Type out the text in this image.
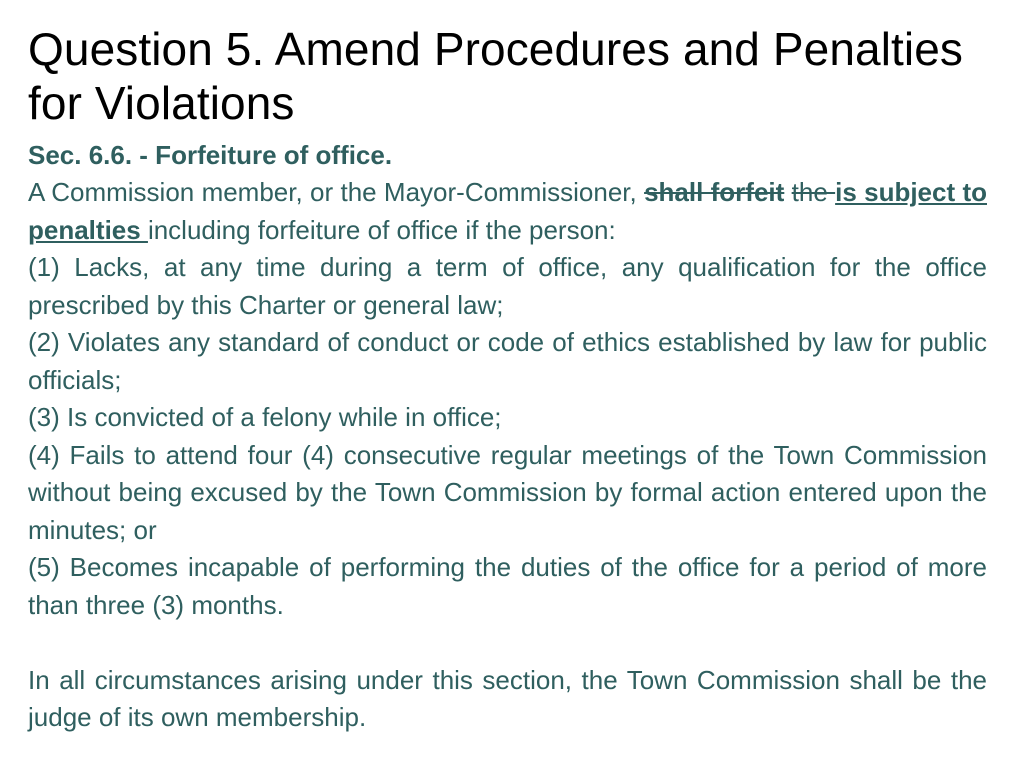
Question 5. Amend Procedures and Penalties for Violations

Sec. 6.6. - Forfeiture of office.

A Commission member, or the Mayor-Commissioner, shall forfeit the is subject to penalties including forfeiture of office if the person:

(1) Lacks, at any time during a term of office, any qualification for the office prescribed by this Charter or general law;

(2) Violates any standard of conduct or code of ethics established by law for public officials;

(3) Is convicted of a felony while in office;

(4) Fails to attend four (4) consecutive regular meetings of the Town Commission without being excused by the Town Commission by formal action entered upon the minutes; or

(5) Becomes incapable of performing the duties of the office for a period of more than three (3) months.

In all circumstances arising under this section, the Town Commission shall be the judge of its own membership.
